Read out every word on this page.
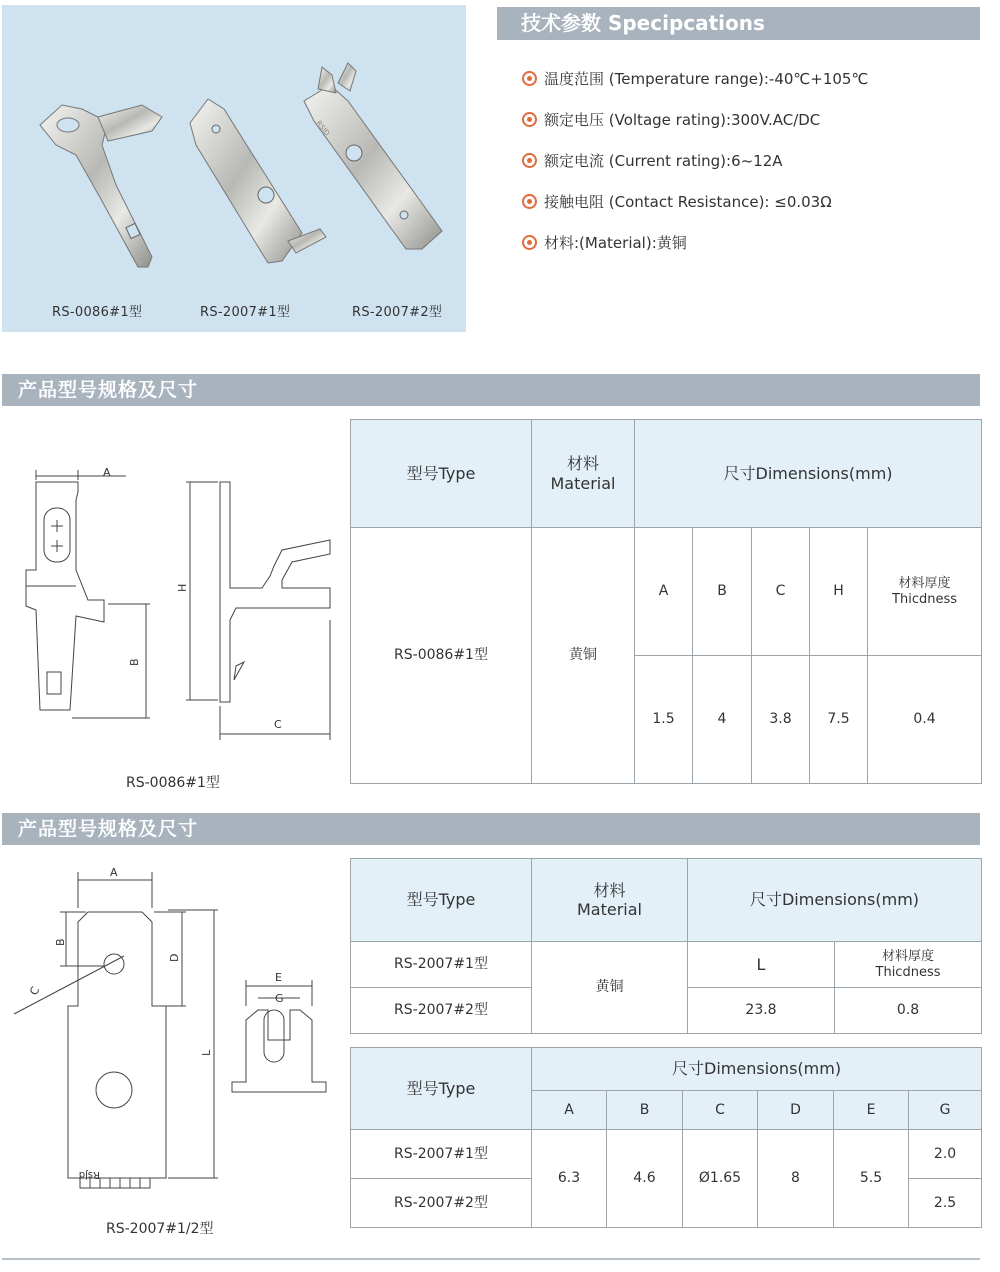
RSJD
RS-0086#1型	RS-2007#1型	RS-2007#2型
技术参数 Specipcations
温度范围 (Temperature range):-40℃+105℃
额定电压 (Voltage rating):300V.AC/DC
额定电流 (Current rating):6~12A
接触电阻 (Contact Resistance): ≤0.03Ω
材料:(Material):黄铜
产品型号规格及尺寸
A
H
B
C
RS-0086#1型
型号Type	材料
Material	尺寸Dimensions(mm)				
RS-0086#1型	黄铜	A	B	C	H	材料厚度
Thicdness

		1.5	4	3.8	7.5	0.4
产品型号规格及尺寸
A
B
C
D
L
E
G
Rsjd
RS-2007#1/2型
型号Type	材料
Material	尺寸Dimensions(mm)	
RS-2007#1型	黄铜	L	材料厚度
Thicdness

RS-2007#2型		23.8	0.8
型号Type	尺寸Dimensions(mm)					
	A	B	C	D	E	G
RS-2007#1型	6.3	4.6	Ø1.65	8	5.5	2.0
RS-2007#2型						2.5
